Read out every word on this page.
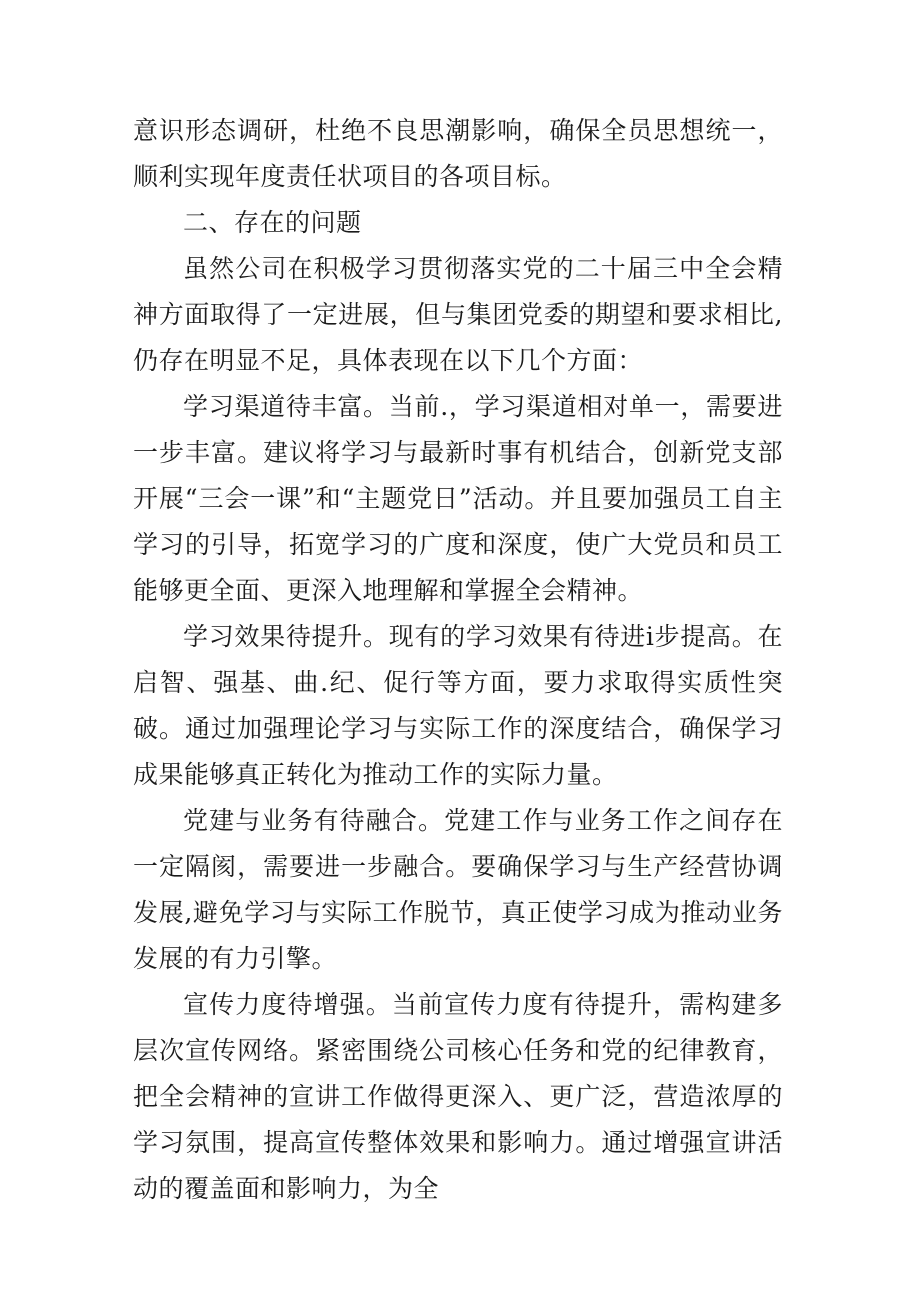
意识形态调研，杜绝不良思潮影响，确保全员思想统一，顺利实现年度责任状项目的各项目标。

二、存在的问题

虽然公司在积极学习贯彻落实党的二十届三中全会精神方面取得了一定进展，但与集团党委的期望和要求相比,仍存在明显不足，具体表现在以下几个方面：

学习渠道待丰富。当前.，学习渠道相对单一，需要进一步丰富。建议将学习与最新时事有机结合，创新党支部开展“三会一课”和“主题党日”活动。并且要加强员工自主学习的引导，拓宽学习的广度和深度，使广大党员和员工能够更全面、更深入地理解和掌握全会精神。

学习效果待提升。现有的学习效果有待进i步提高。在启智、强基、曲.纪、促行等方面，要力求取得实质性突破。通过加强理论学习与实际工作的深度结合，确保学习成果能够真正转化为推动工作的实际力量。

党建与业务有待融合。党建工作与业务工作之间存在一定隔阂，需要进一步融合。要确保学习与生产经营协调发展,避免学习与实际工作脱节，真正使学习成为推动业务发展的有力引擎。

宣传力度待增强。当前宣传力度有待提升，需构建多层次宣传网络。紧密围绕公司核心任务和党的纪律教育，把全会精神的宣讲工作做得更深入、更广泛，营造浓厚的学习氛围，提高宣传整体效果和影响力。通过增强宣讲活动的覆盖面和影响力，为全
